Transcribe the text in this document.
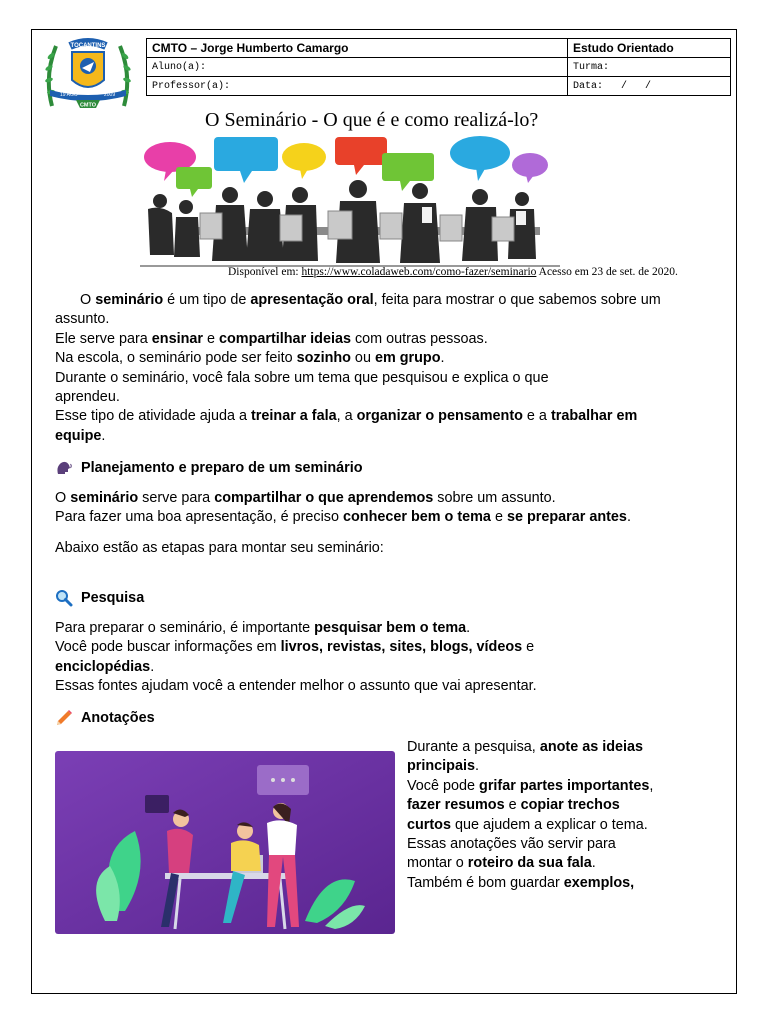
TOCANTINS
19 AGO	2009
CMTO
CMTO – Jorge Humberto Camargo	Estudo Orientado
Aluno(a):	Turma:
Professor(a):	Data:   /   /
O Seminário - O que é e como realizá-lo?
Disponível em: https://www.coladaweb.com/como-fazer/seminario Acesso em 23 de set. de 2020.

O seminário é um tipo de apresentação oral, feita para mostrar o que sabemos sobre um assunto.

Ele serve para ensinar e compartilhar ideias com outras pessoas.

Na escola, o seminário pode ser feito sozinho ou em grupo.

Durante o seminário, você fala sobre um tema que pesquisou e explica o que aprendeu.

Esse tipo de atividade ajuda a treinar a fala, a organizar o pensamento e a trabalhar em equipe.

Planejamento e preparo de um seminário

O seminário serve para compartilhar o que aprendemos sobre um assunto.

Para fazer uma boa apresentação, é preciso conhecer bem o tema e se preparar antes.

Abaixo estão as etapas para montar seu seminário:

Pesquisa

Para preparar o seminário, é importante pesquisar bem o tema.

Você pode buscar informações em livros, revistas, sites, blogs, vídeos e enciclopédias.

Essas fontes ajudam você a entender melhor o assunto que vai apresentar.

Anotações

Durante a pesquisa, anote as ideias principais.

Você pode grifar partes importantes, fazer resumos e copiar trechos curtos que ajudem a explicar o tema.

Essas anotações vão servir para montar o roteiro da sua fala.

Também é bom guardar exemplos,
